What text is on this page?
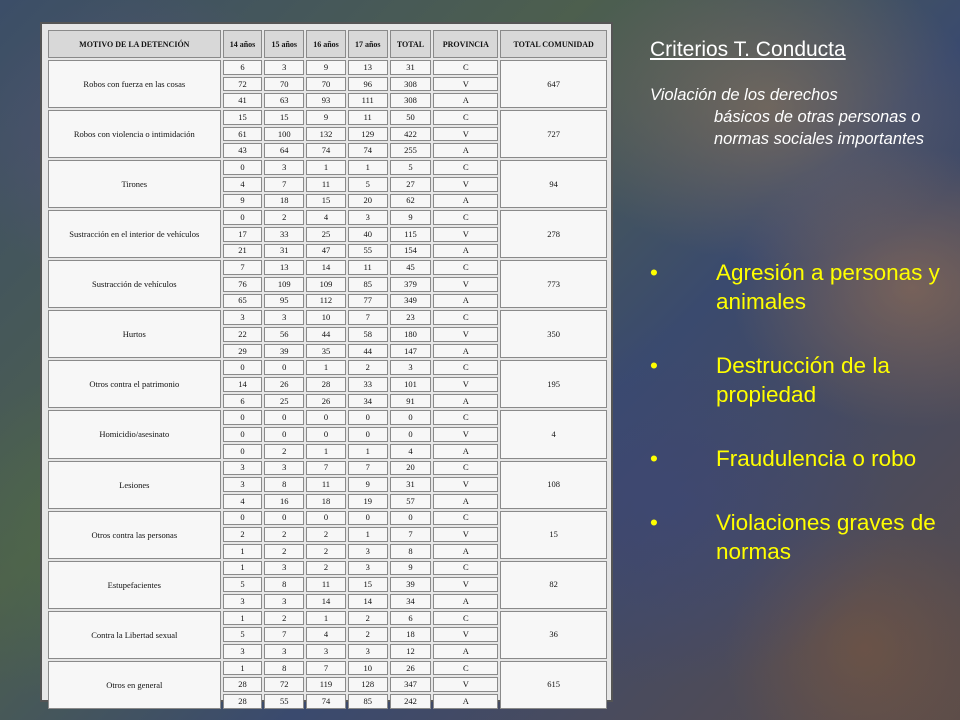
MOTIVO DE LA DETENCIÓN	14 años	15 años	16 años	17 años	TOTAL	PROVINCIA	TOTAL COMUNIDAD
Robos con fuerza en las cosas	6	3	9	13	31	C	647
	72	70	70	96	308	V	
	41	63	93	111	308	A	
Robos con violencia o intimidación	15	15	9	11	50	C	727
	61	100	132	129	422	V	
	43	64	74	74	255	A	
Tirones	0	3	1	1	5	C	94
	4	7	11	5	27	V	
	9	18	15	20	62	A	
Sustracción en el interior de vehículos	0	2	4	3	9	C	278
	17	33	25	40	115	V	
	21	31	47	55	154	A	
Sustracción de vehículos	7	13	14	11	45	C	773
	76	109	109	85	379	V	
	65	95	112	77	349	A	
Hurtos	3	3	10	7	23	C	350
	22	56	44	58	180	V	
	29	39	35	44	147	A	
Otros contra el patrimonio	0	0	1	2	3	C	195
	14	26	28	33	101	V	
	6	25	26	34	91	A	
Homicidio/asesinato	0	0	0	0	0	C	4
	0	0	0	0	0	V	
	0	2	1	1	4	A	
Lesiones	3	3	7	7	20	C	108
	3	8	11	9	31	V	
	4	16	18	19	57	A	
Otros contra las personas	0	0	0	0	0	C	15
	2	2	2	1	7	V	
	1	2	2	3	8	A	
Estupefacientes	1	3	2	3	9	C	82
	5	8	11	15	39	V	
	3	3	14	14	34	A	
Contra la Libertad sexual	1	2	1	2	6	C	36
	5	7	4	2	18	V	
	3	3	3	3	12	A	
Otros en general	1	8	7	10	26	C	615
	28	72	119	128	347	V	
	28	55	74	85	242	A	
Criterios T. Conducta
Violación de los derechos
básicos de otras personas o normas sociales importantes
•	Agresión a personas y animales
•	Destrucción de la propiedad
•	Fraudulencia o robo
•	Violaciones graves de normas
